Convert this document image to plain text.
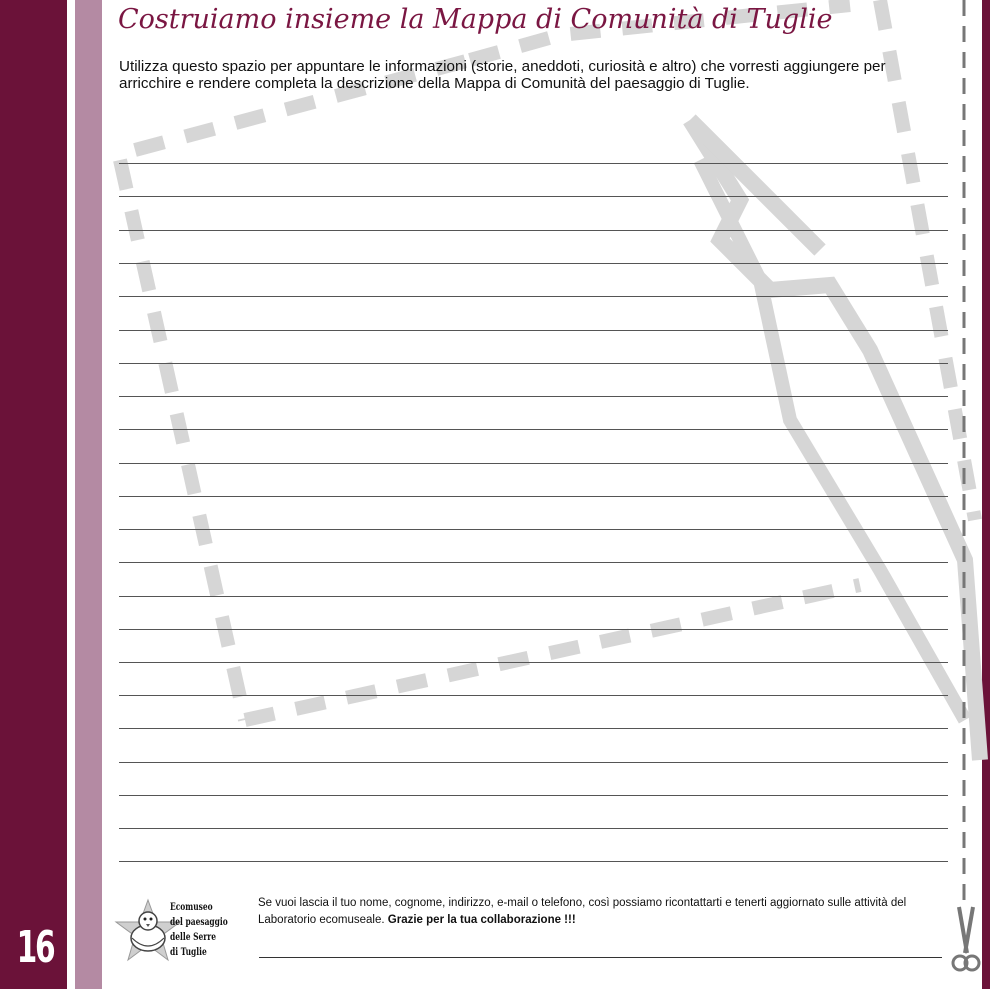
Costruiamo insieme la Mappa di Comunità di Tuglie
Utilizza questo spazio per appuntare le informazioni (storie, aneddoti, curiosità e altro) che vorresti aggiungere per arricchire e rendere completa la descrizione della Mappa di Comunità del paesaggio di Tuglie.
Ecomuseo
del paesaggio
delle Serre
di Tuglie
Se vuoi lascia il tuo nome, cognome, indirizzo, e-mail o telefono, così possiamo ricontattarti e tenerti aggiornato sulle attività del Laboratorio ecomuseale. Grazie per la tua collaborazione !!!
16
